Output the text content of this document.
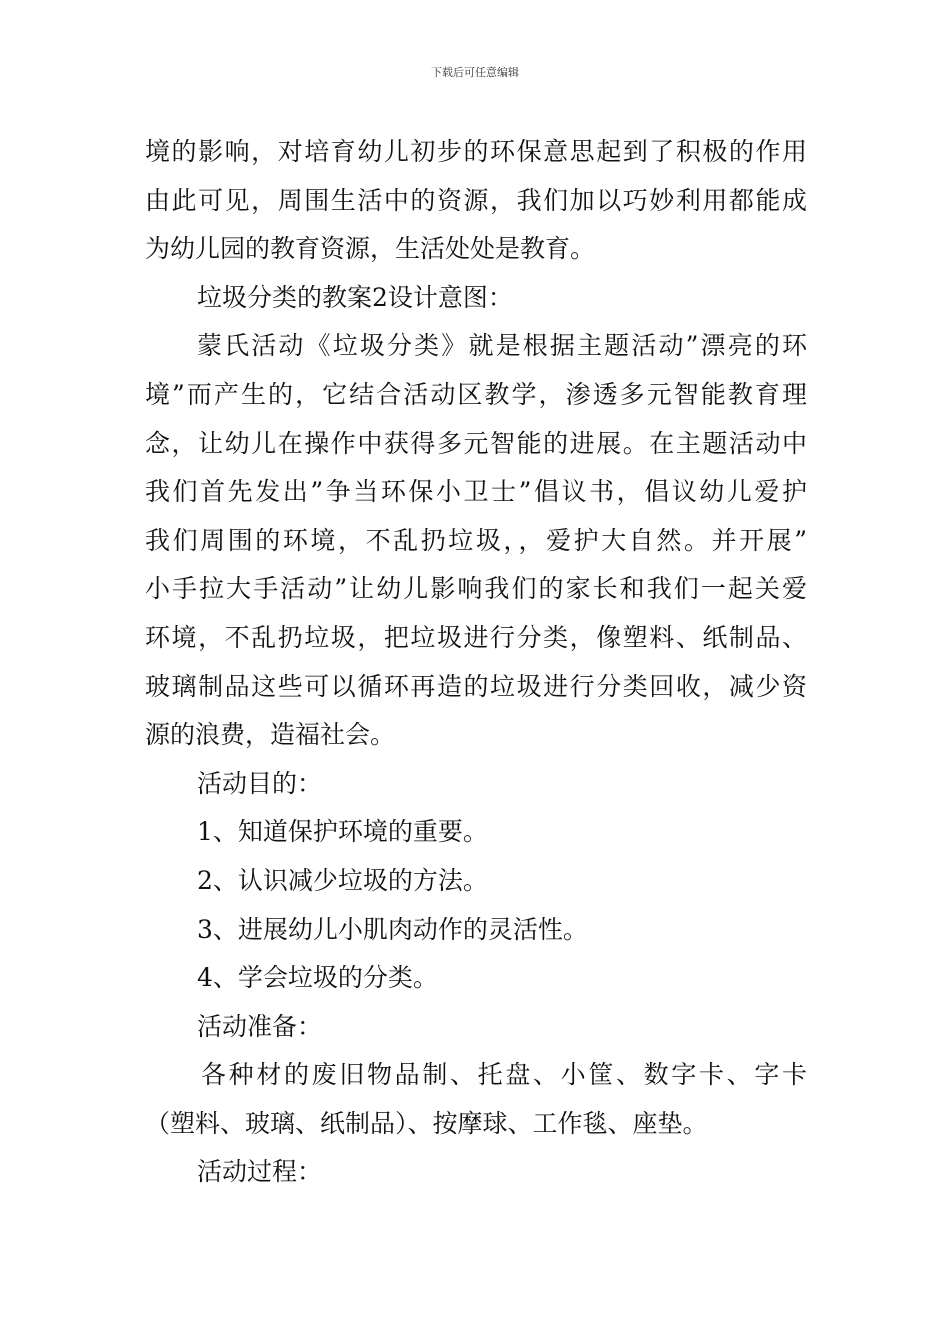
下载后可任意编辑
境的影响，对培育幼儿初步的环保意思起到了积极的作用
由此可见，周围生活中的资源，我们加以巧妙利用都能成
为幼儿园的教育资源，生活处处是教育。
垃圾分类的教案2设计意图：
蒙氏活动《垃圾分类》就是根据主题活动”漂亮的环
境”而产生的，它结合活动区教学，渗透多元智能教育理
念，让幼儿在操作中获得多元智能的进展。在主题活动中
我们首先发出”争当环保小卫士”倡议书，倡议幼儿爱护
我们周围的环境，不乱扔垃圾，，爱护大自然。并开展”
小手拉大手活动”让幼儿影响我们的家长和我们一起关爱
环境，不乱扔垃圾，把垃圾进行分类，像塑料、纸制品、
玻璃制品这些可以循环再造的垃圾进行分类回收，减少资
源的浪费，造福社会。
活动目的：
1、知道保护环境的重要。
2、认识减少垃圾的方法。
3、进展幼儿小肌肉动作的灵活性。
4、学会垃圾的分类。
活动准备：
各种材的废旧物品制、托盘、小筐、数字卡、字卡
（塑料、玻璃、纸制品）、按摩球、工作毯、座垫。
活动过程：
